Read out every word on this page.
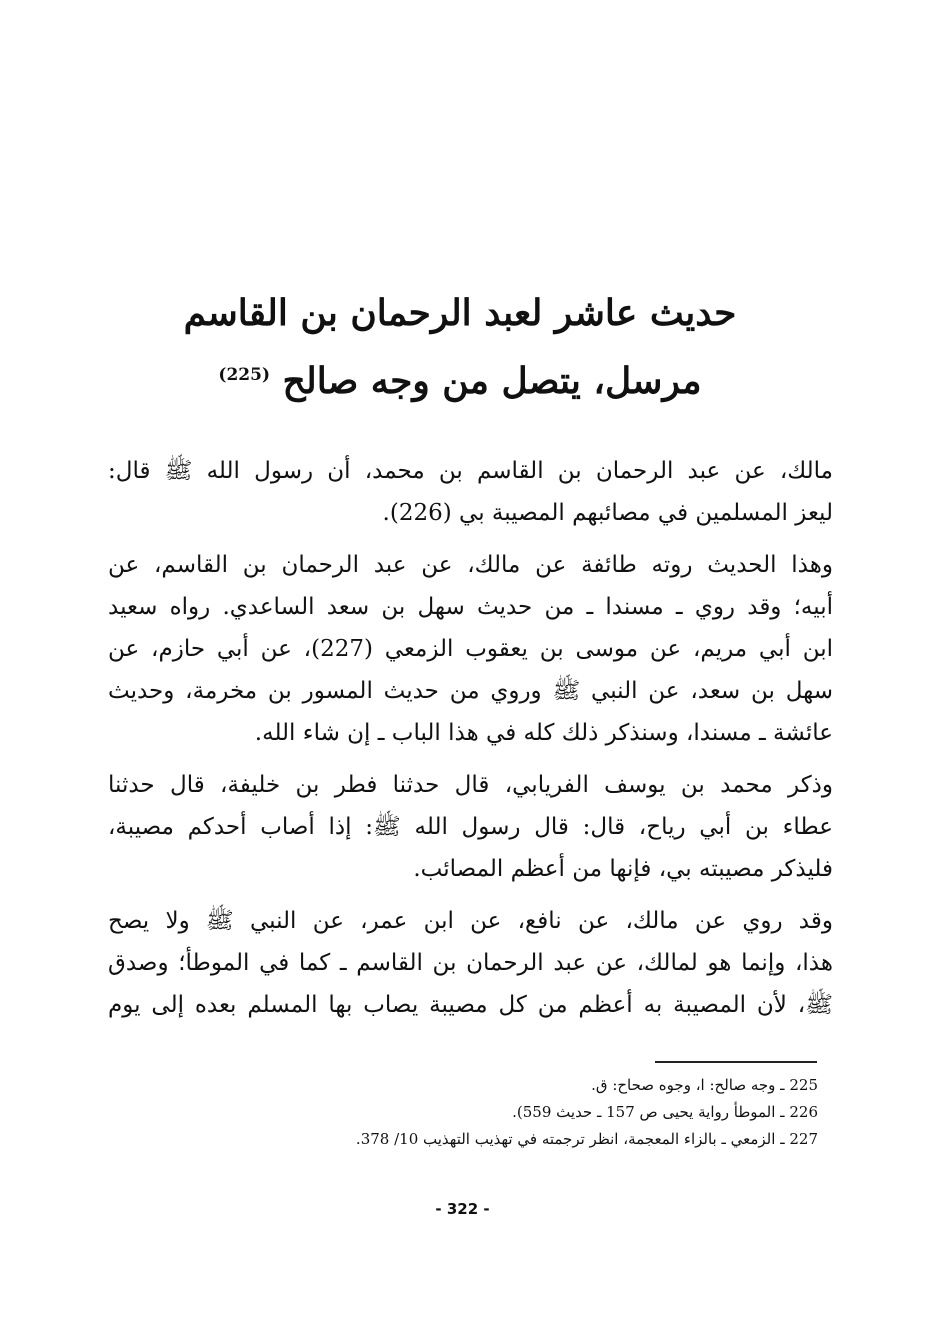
حديث عاشر لعبد الرحمان بن القاسم
مرسل، يتصل من وجه صالح $^{(225)}$
مالك، عن عبد الرحمان بن القاسم بن محمد، أن رسول الله ﷺ قال:
ليعز المسلمين في مصائبهم المصيبة بي (226).
وهذا الحديث روته طائفة عن مالك، عن عبد الرحمان بن القاسم، عن
أبيه؛ وقد روي ـ مسندا ـ من حديث سهل بن سعد الساعدي. رواه سعيد
ابن أبي مريم، عن موسى بن يعقوب الزمعي (227)، عن أبي حازم، عن
سهل بن سعد، عن النبي ﷺ وروي من حديث المسور بن مخرمة، وحديث
عائشة ـ مسندا، وسنذكر ذلك كله في هذا الباب ـ إن شاء الله.
وذكر محمد بن يوسف الفريابي، قال حدثنا فطر بن خليفة، قال حدثنا
عطاء بن أبي رياح، قال: قال رسول الله ﷺ: إذا أصاب أحدكم مصيبة،
فليذكر مصيبته بي، فإنها من أعظم المصائب.
وقد روي عن مالك، عن نافع، عن ابن عمر، عن النبي ﷺ ولا يصح
هذا، وإنما هو لمالك، عن عبد الرحمان بن القاسم ـ كما في الموطأ؛ وصدق
ﷺ، لأن المصيبة به أعظم من كل مصيبة يصاب بها المسلم بعده إلى يوم
225 ـ وجه صالح: ا، وجوه صحاح: ق.
226 ـ الموطأ رواية يحيى ص 157 ـ حديث 559).
227 ـ الزمعي ـ بالزاء المعجمة، انظر ترجمته في تهذيب التهذيب 10/ 378.
- 322 -
